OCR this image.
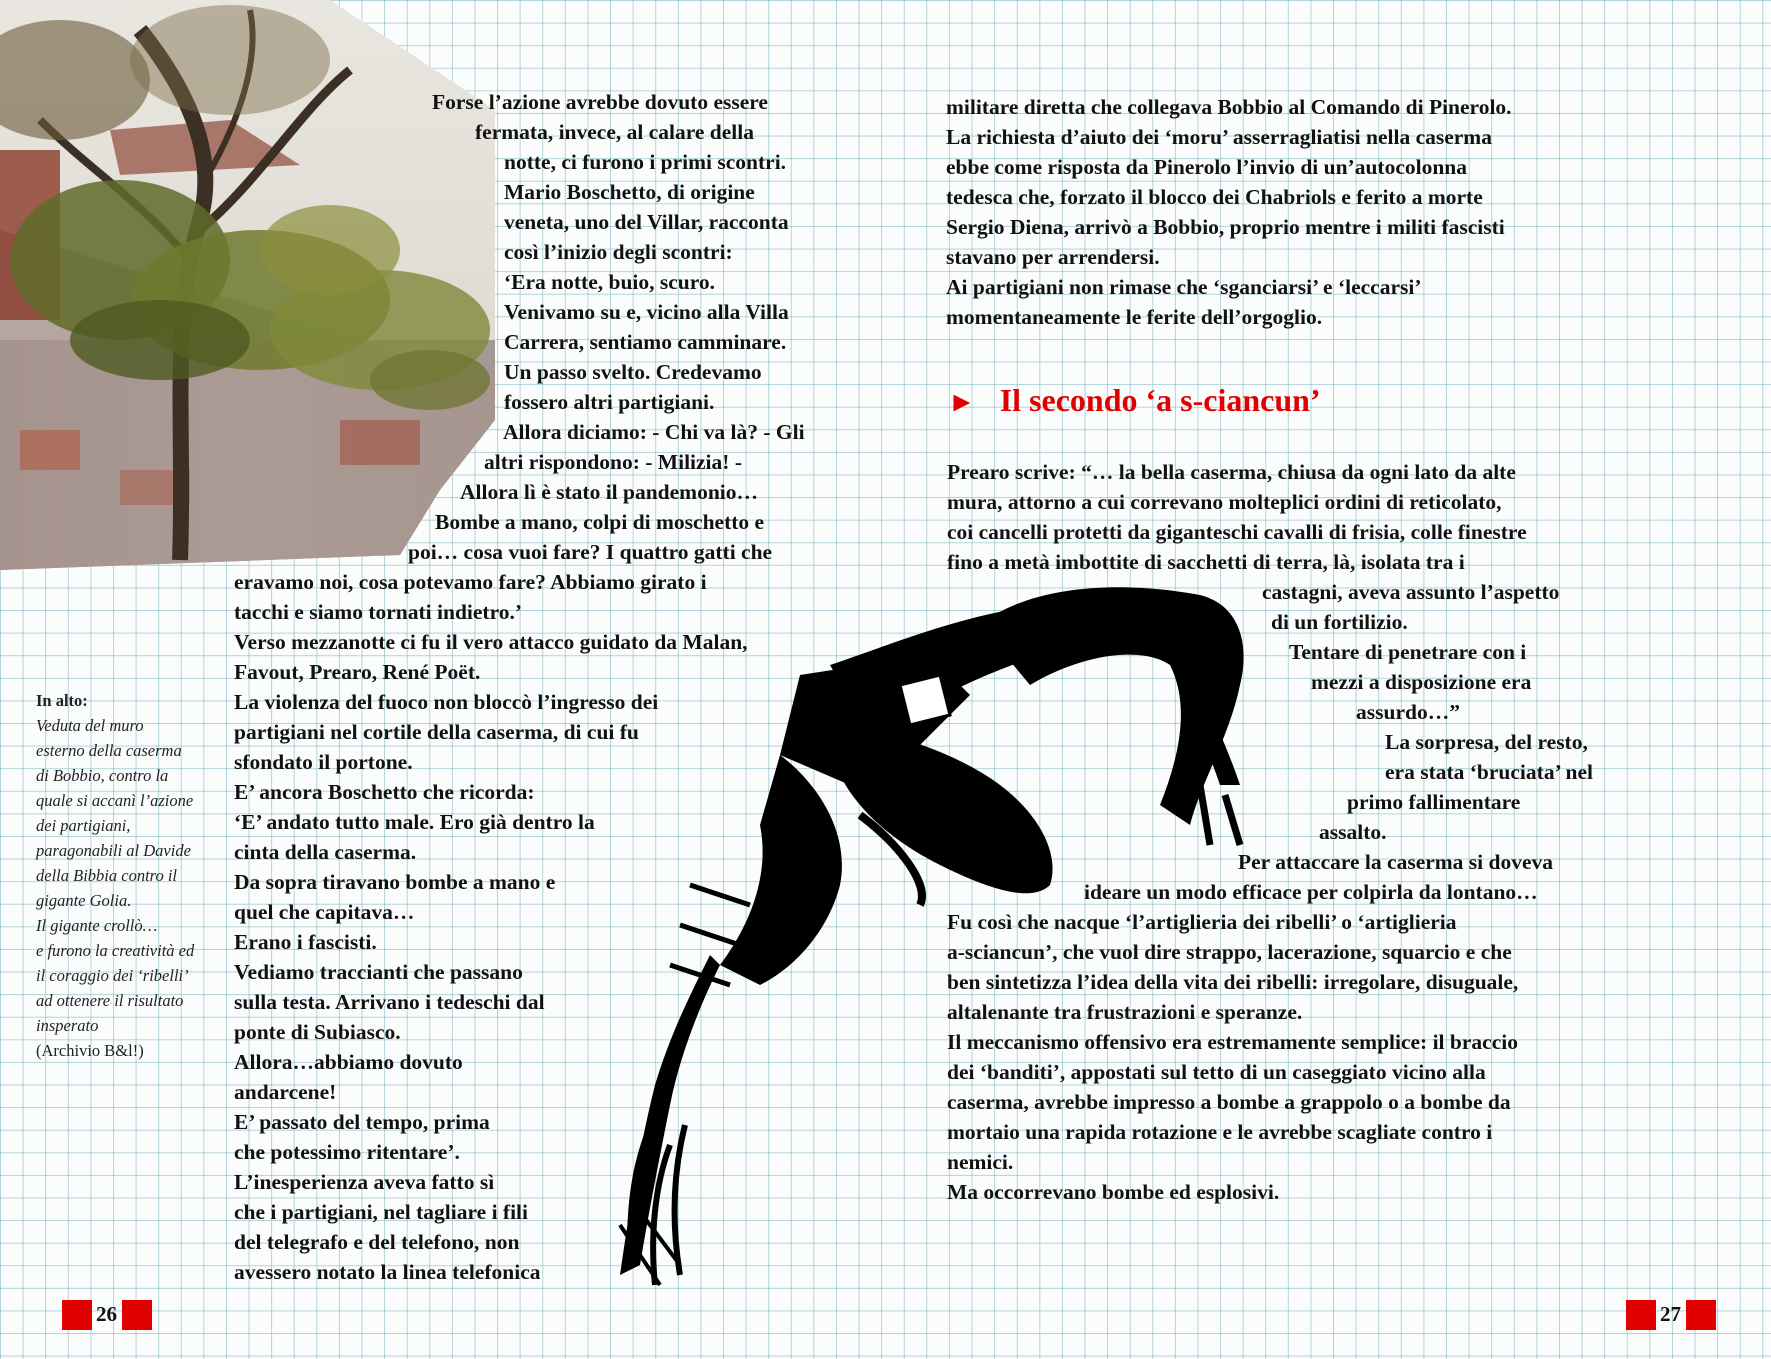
Forse l’azione avrebbe dovuto essere
fermata, invece, al calare della
notte, ci furono i primi scontri.
Mario Boschetto, di origine
veneta, uno del Villar, racconta
così l’inizio degli scontri:
‘Era notte, buio, scuro.
Venivamo su e, vicino alla Villa
Carrera, sentiamo camminare.
Un passo svelto. Credevamo
fossero altri partigiani.
Allora diciamo: - Chi va là? - Gli
altri rispondono: - Milizia! -
Allora lì è stato il pandemonio…
Bombe a mano, colpi di moschetto e
poi… cosa vuoi fare? I quattro gatti che
eravamo noi, cosa potevamo fare? Abbiamo girato i
tacchi e siamo tornati indietro.’
Verso mezzanotte ci fu il vero attacco guidato da Malan,
Favout, Prearo, René Poët.
La violenza del fuoco non bloccò l’ingresso dei
partigiani nel cortile della caserma, di cui fu
sfondato il portone.
E’ ancora Boschetto che ricorda:
‘E’ andato tutto male. Ero già dentro la
cinta della caserma.
Da sopra tiravano bombe a mano e
quel che capitava…
Erano i fascisti.
Vediamo traccianti che passano
sulla testa. Arrivano i tedeschi dal
ponte di Subiasco.
Allora…abbiamo dovuto
andarcene!
E’ passato del tempo, prima
che potessimo ritentare’.
L’inesperienza aveva fatto sì
che i partigiani, nel tagliare i fili
del telegrafo e del telefono, non
avessero notato la linea telefonica
In alto:
Veduta del muro
esterno della caserma
di Bobbio, contro la
quale si accanì l’azione
dei partigiani,
paragonabili al Davide
della Bibbia contro il
gigante Golia.
Il gigante crollò…
e furono la creatività ed
il coraggio dei ‘ribelli’
ad ottenere il risultato
insperato
(Archivio B&l!)
militare diretta che collegava Bobbio al Comando di Pinerolo.
La richiesta d’aiuto dei ‘moru’ asserragliatisi nella caserma
ebbe come risposta da Pinerolo l’invio di un’autocolonna
tedesca che, forzato il blocco dei Chabriols e ferito a morte
Sergio Diena, arrivò a Bobbio, proprio mentre i militi fascisti
stavano per arrendersi.
Ai partigiani non rimase che ‘sganciarsi’ e ‘leccarsi’
momentaneamente le ferite dell’orgoglio.
► Il secondo ‘a s-ciancun’
Prearo scrive: “… la bella caserma, chiusa da ogni lato da alte
mura, attorno a cui correvano molteplici ordini di reticolato,
coi cancelli protetti da giganteschi cavalli di frisia, colle finestre
fino a metà imbottite di sacchetti di terra, là, isolata tra i
castagni, aveva assunto l’aspetto
di un fortilizio.
Tentare di penetrare con i
mezzi a disposizione era
assurdo…”
La sorpresa, del resto,
era stata ‘bruciata’ nel
primo fallimentare
assalto.
Per attaccare la caserma si doveva
ideare un modo efficace per colpirla da lontano…
Fu così che nacque ‘l’artiglieria dei ribelli’ o ‘artiglieria
a-sciancun’, che vuol dire strappo, lacerazione, squarcio e che
ben sintetizza l’idea della vita dei ribelli: irregolare, disuguale,
altalenante tra frustrazioni e speranze.
Il meccanismo offensivo era estremamente semplice: il braccio
dei ‘banditi’, appostati sul tetto di un caseggiato vicino alla
caserma, avrebbe impresso a bombe a grappolo o a bombe da
mortaio una rapida rotazione e le avrebbe scagliate contro i
nemici.
Ma occorrevano bombe ed esplosivi.
26	27
